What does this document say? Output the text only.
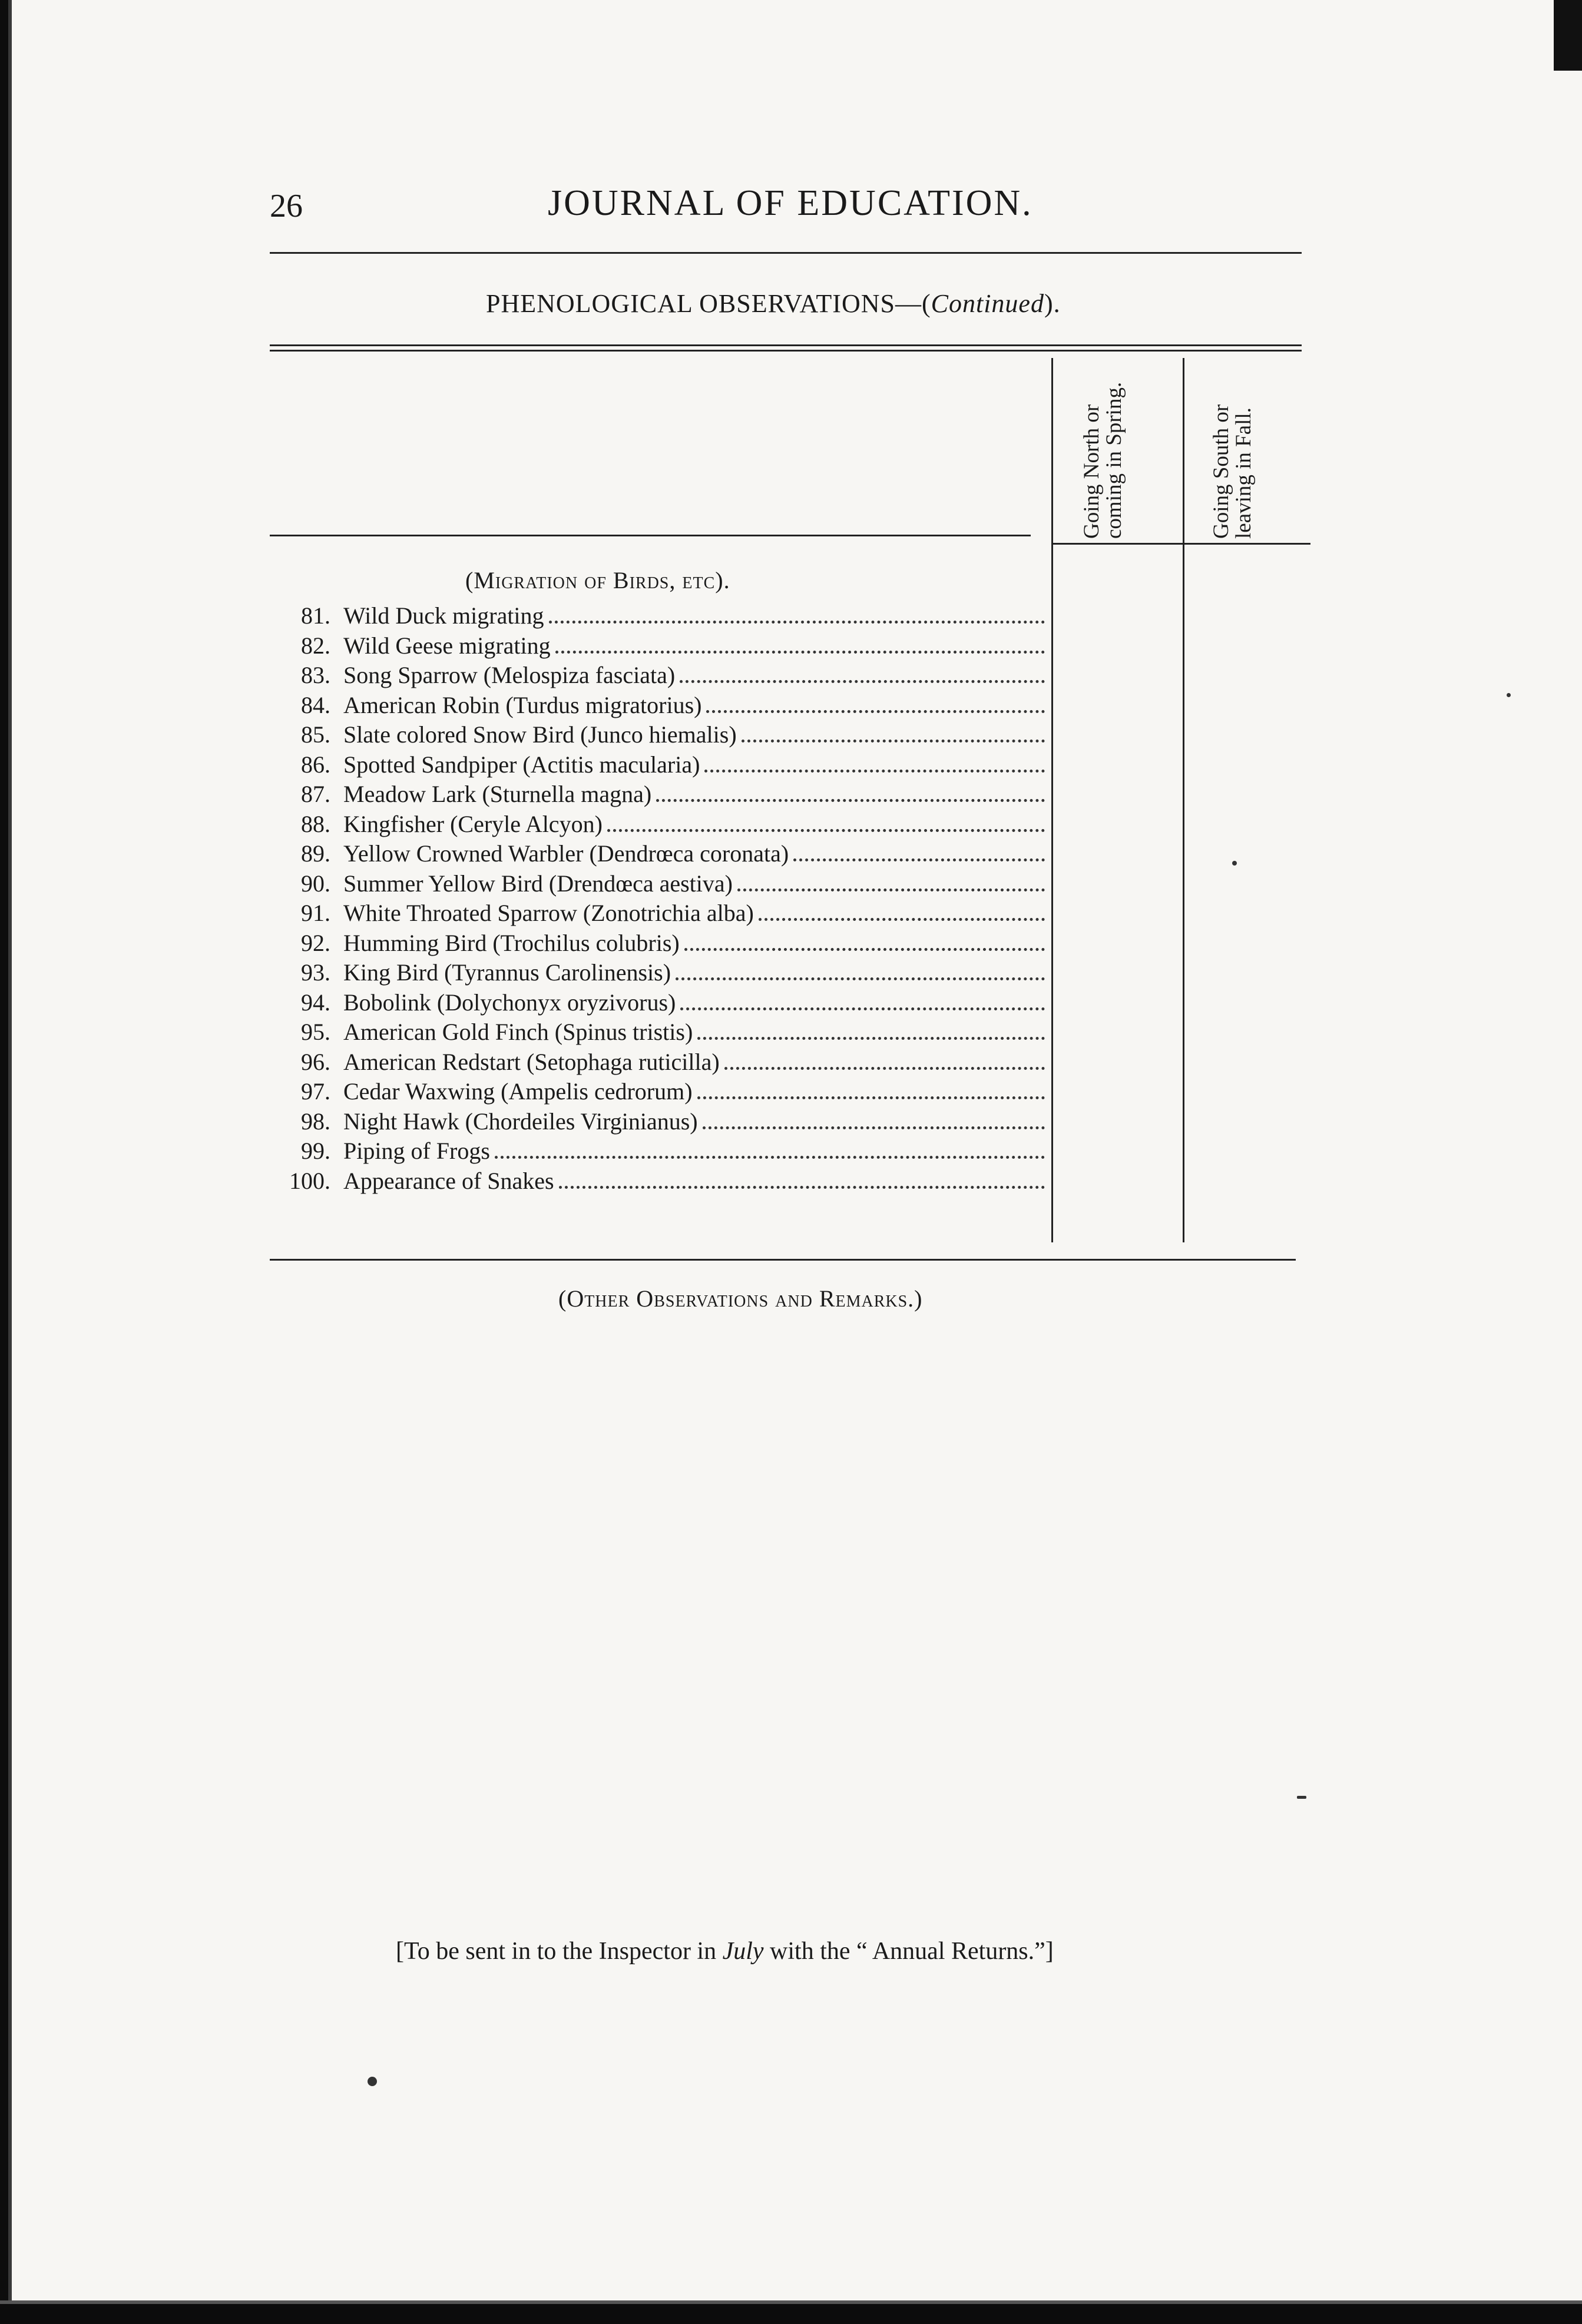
26	JOURNAL OF EDUCATION.
PHENOLOGICAL OBSERVATIONS—(Continued).
Going North or coming in Spring.	Going South or leaving in Fall.
(Migration of Birds, etc).
81. Wild Duck migrating
82. Wild Geese migrating
83. Song Sparrow (Melospiza fasciata)
84. American Robin (Turdus migratorius)
85. Slate colored Snow Bird (Junco hiemalis)
86. Spotted Sandpiper (Actitis macularia)
87. Meadow Lark (Sturnella magna)
88. Kingfisher (Ceryle Alcyon)
89. Yellow Crowned Warbler (Dendrœca coronata)
90. Summer Yellow Bird (Drendœca aestiva)
91. White Throated Sparrow (Zonotrichia alba)
92. Humming Bird (Trochilus colubris)
93. King Bird (Tyrannus Carolinensis)
94. Bobolink (Dolychonyx oryzivorus)
95. American Gold Finch (Spinus tristis)
96. American Redstart (Setophaga ruticilla)
97. Cedar Waxwing (Ampelis cedrorum)
98. Night Hawk (Chordeiles Virginianus)
99. Piping of Frogs
100. Appearance of Snakes
(Other Observations and Remarks.)
[To be sent in to the Inspector in July with the “ Annual Returns.”]
